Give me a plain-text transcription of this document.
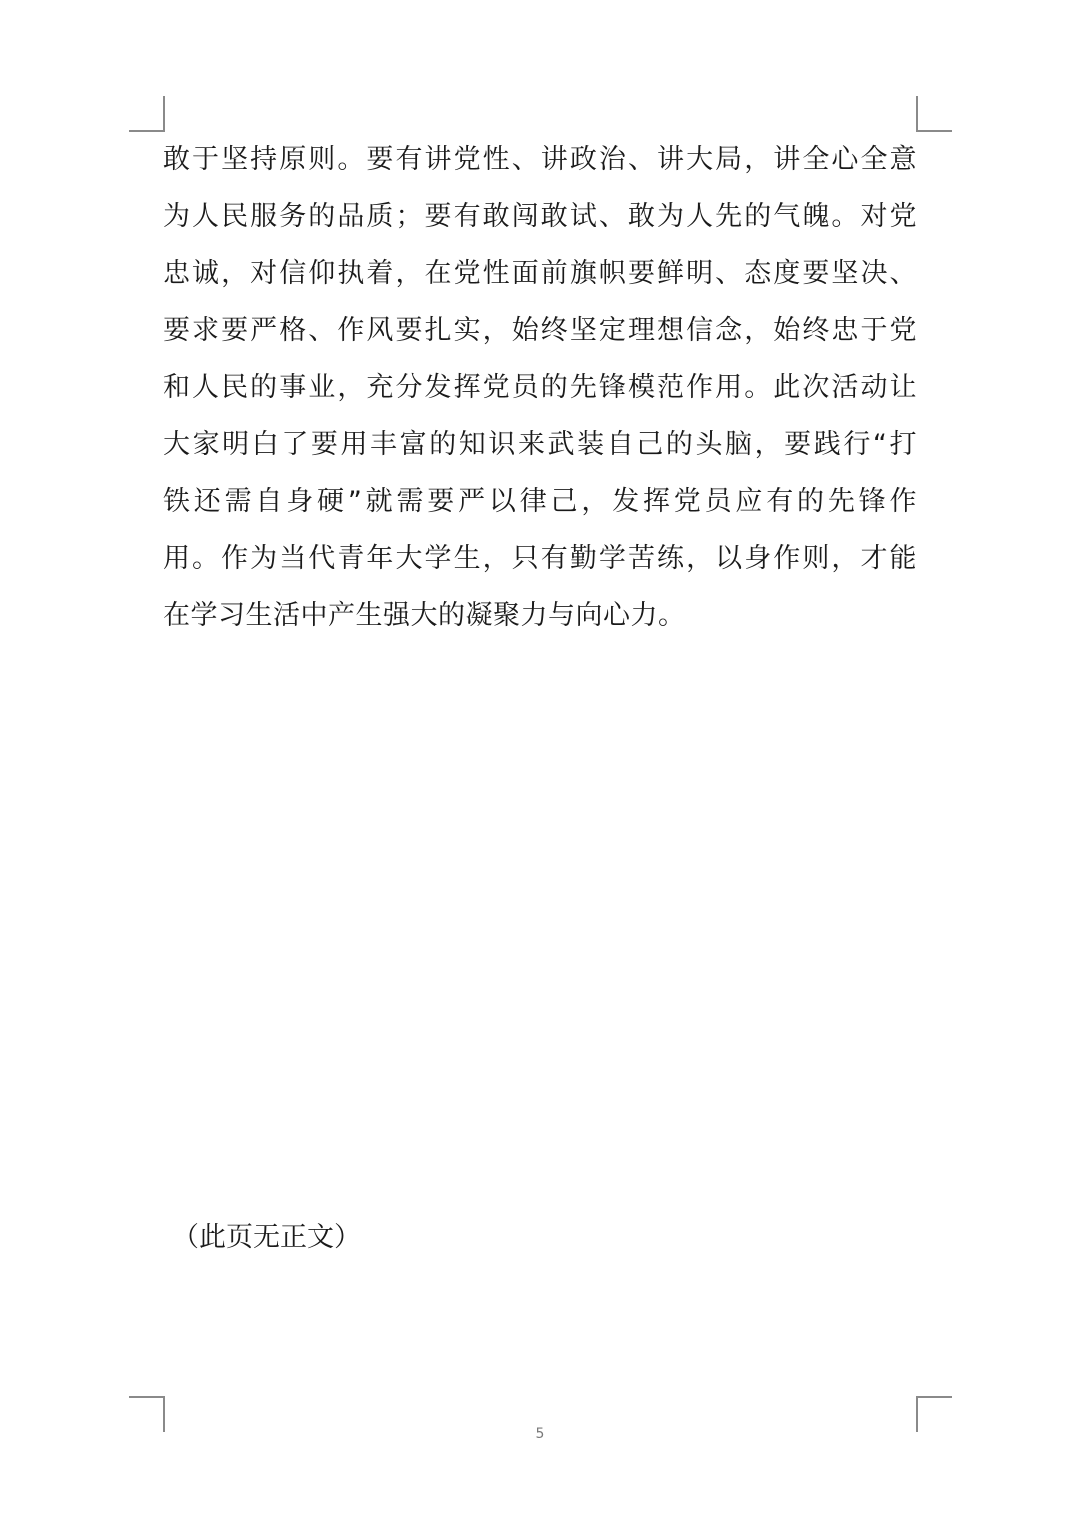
敢于坚持原则。要有讲党性、讲政治、讲大局，讲全心全意
为人民服务的品质；要有敢闯敢试、敢为人先的气魄。对党
忠诚，对信仰执着，在党性面前旗帜要鲜明、态度要坚决、
要求要严格、作风要扎实，始终坚定理想信念，始终忠于党
和人民的事业，充分发挥党员的先锋模范作用。此次活动让
大家明白了要用丰富的知识来武装自己的头脑，要践行“打
铁还需自身硬”就需要严以律己，发挥党员应有的先锋作
用。作为当代青年大学生，只有勤学苦练，以身作则，才能
在学习生活中产生强大的凝聚力与向心力。
（此页无正文）
5
